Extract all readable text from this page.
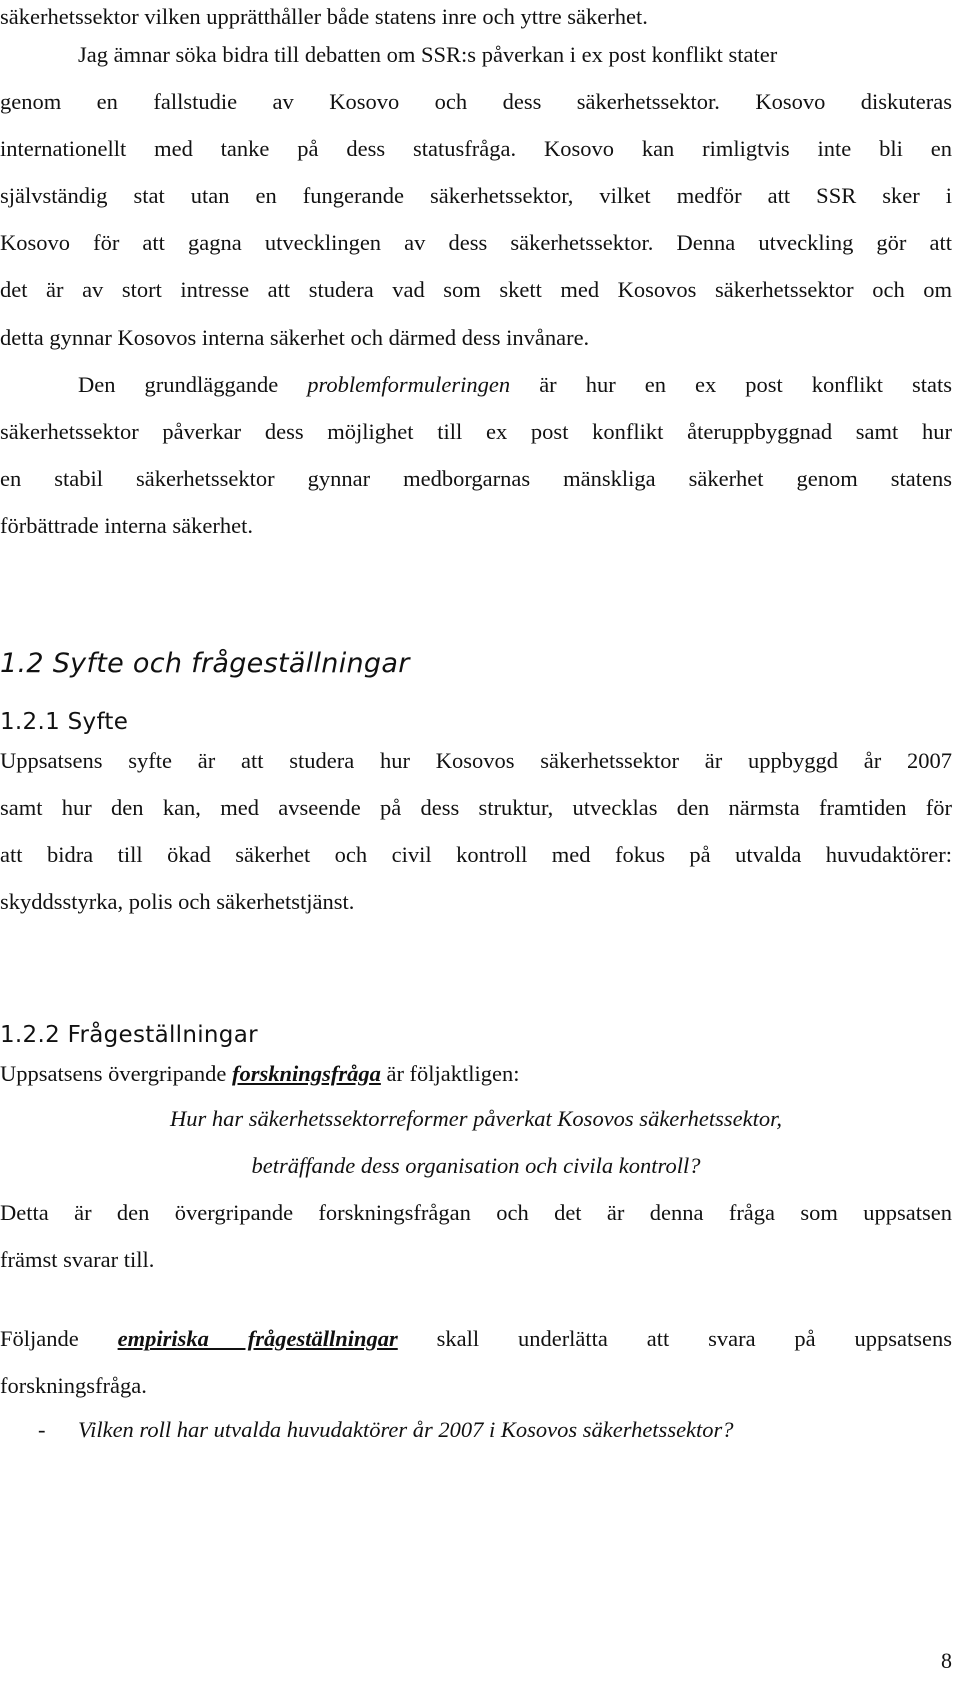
säkerhetssektor vilken upprätthåller både statens inre och yttre säkerhet.
Jag ämnar söka bidra till debatten om SSR:s påverkan i ex post konflikt stater
genom en fallstudie av Kosovo och dess säkerhetssektor. Kosovo diskuteras
internationellt med tanke på dess statusfråga. Kosovo kan rimligtvis inte bli en
självständig stat utan en fungerande säkerhetssektor, vilket medför att SSR sker i
Kosovo för att gagna utvecklingen av dess säkerhetssektor. Denna utveckling gör att
det är av stort intresse att studera vad som skett med Kosovos säkerhetssektor och om
detta gynnar Kosovos interna säkerhet och därmed dess invånare.
Den grundläggande problemformuleringen är hur en ex post konflikt stats
säkerhetssektor påverkar dess möjlighet till ex post konflikt återuppbyggnad samt hur
en stabil säkerhetssektor gynnar medborgarnas mänskliga säkerhet genom statens
förbättrade interna säkerhet.
1.2 Syfte och frågeställningar
1.2.1 Syfte
Uppsatsens syfte är att studera hur Kosovos säkerhetssektor är uppbyggd år 2007
samt hur den kan, med avseende på dess struktur, utvecklas den närmsta framtiden för
att bidra till ökad säkerhet och civil kontroll med fokus på utvalda huvudaktörer:
skyddsstyrka, polis och säkerhetstjänst.
1.2.2 Frågeställningar
Uppsatsens övergripande forskningsfråga är följaktligen:
Hur har säkerhetssektorreformer påverkat Kosovos säkerhetssektor,
beträffande dess organisation och civila kontroll?
Detta är den övergripande forskningsfrågan och det är denna fråga som uppsatsen
främst svarar till.
Följande empiriska frågeställningar skall underlätta att svara på uppsatsens
forskningsfråga.
- Vilken roll har utvalda huvudaktörer år 2007 i Kosovos säkerhetssektor?
8
